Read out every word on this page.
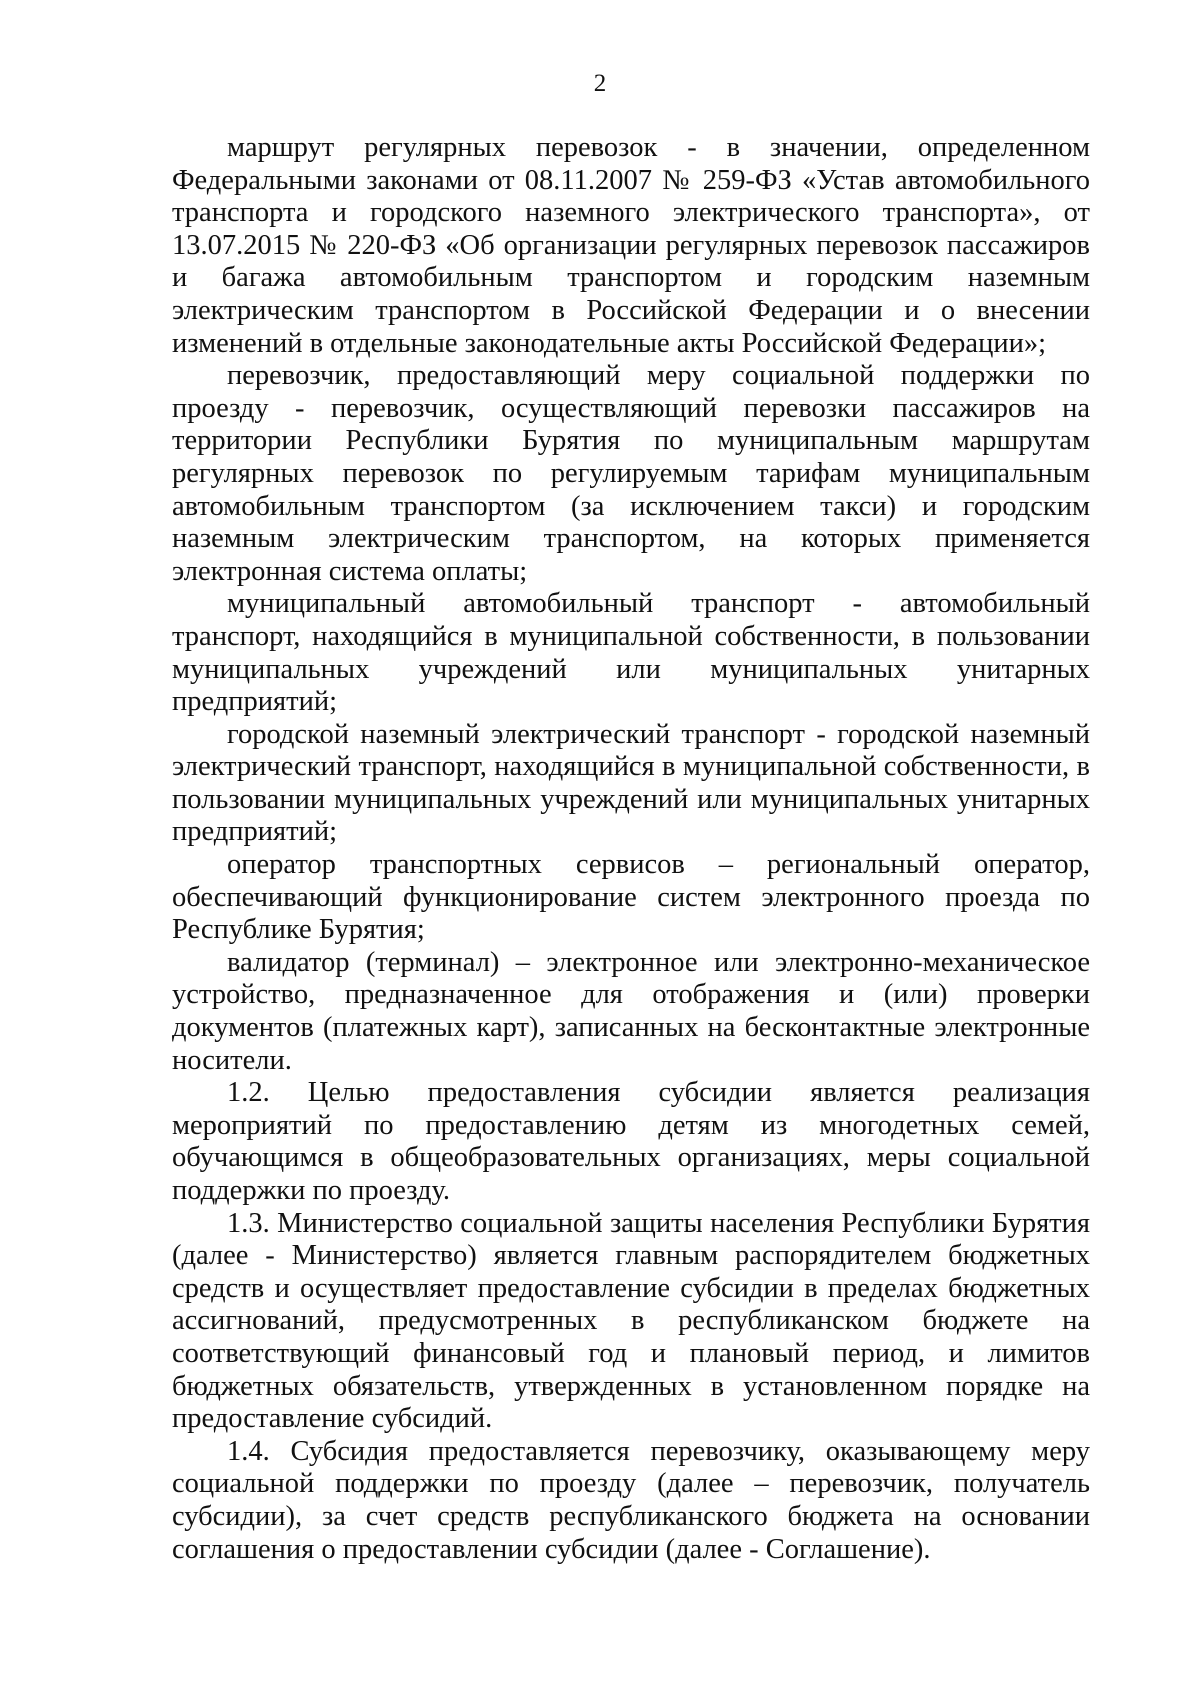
2

маршрут регулярных перевозок - в значении, определенном Федеральными законами от 08.11.2007 № 259-ФЗ «Устав автомобильного транспорта и городского наземного электрического транспорта», от 13.07.2015 № 220-ФЗ «Об организации регулярных перевозок пассажиров и багажа автомобильным транспортом и городским наземным электрическим транспортом в Российской Федерации и о внесении изменений в отдельные законодательные акты Российской Федерации»;

перевозчик, предоставляющий меру социальной поддержки по проезду - перевозчик, осуществляющий перевозки пассажиров на территории Республики Бурятия по муниципальным маршрутам регулярных перевозок по регулируемым тарифам муниципальным автомобильным транспортом (за исключением такси) и городским наземным электрическим транспортом, на которых применяется электронная система оплаты;

муниципальный автомобильный транспорт - автомобильный транспорт, находящийся в муниципальной собственности, в пользовании муниципальных учреждений или муниципальных унитарных предприятий;

городской наземный электрический транспорт - городской наземный электрический транспорт, находящийся в муниципальной собственности, в пользовании муниципальных учреждений или муниципальных унитарных предприятий;

оператор транспортных сервисов – региональный оператор, обеспечивающий функционирование систем электронного проезда по Республике Бурятия;

валидатор (терминал) – электронное или электронно-механическое устройство, предназначенное для отображения и (или) проверки документов (платежных карт), записанных на бесконтактные электронные носители.

1.2. Целью предоставления субсидии является реализация мероприятий по предоставлению детям из многодетных семей, обучающимся в общеобразовательных организациях, меры социальной поддержки по проезду.

1.3. Министерство социальной защиты населения Республики Бурятия (далее - Министерство) является главным распорядителем бюджетных средств и осуществляет предоставление субсидии в пределах бюджетных ассигнований, предусмотренных в республиканском бюджете на соответствующий финансовый год и плановый период, и лимитов бюджетных обязательств, утвержденных в установленном порядке на предоставление субсидий.

1.4. Субсидия предоставляется перевозчику, оказывающему меру социальной поддержки по проезду (далее – перевозчик, получатель субсидии), за счет средств республиканского бюджета на основании соглашения о предоставлении субсидии (далее - Соглашение).
